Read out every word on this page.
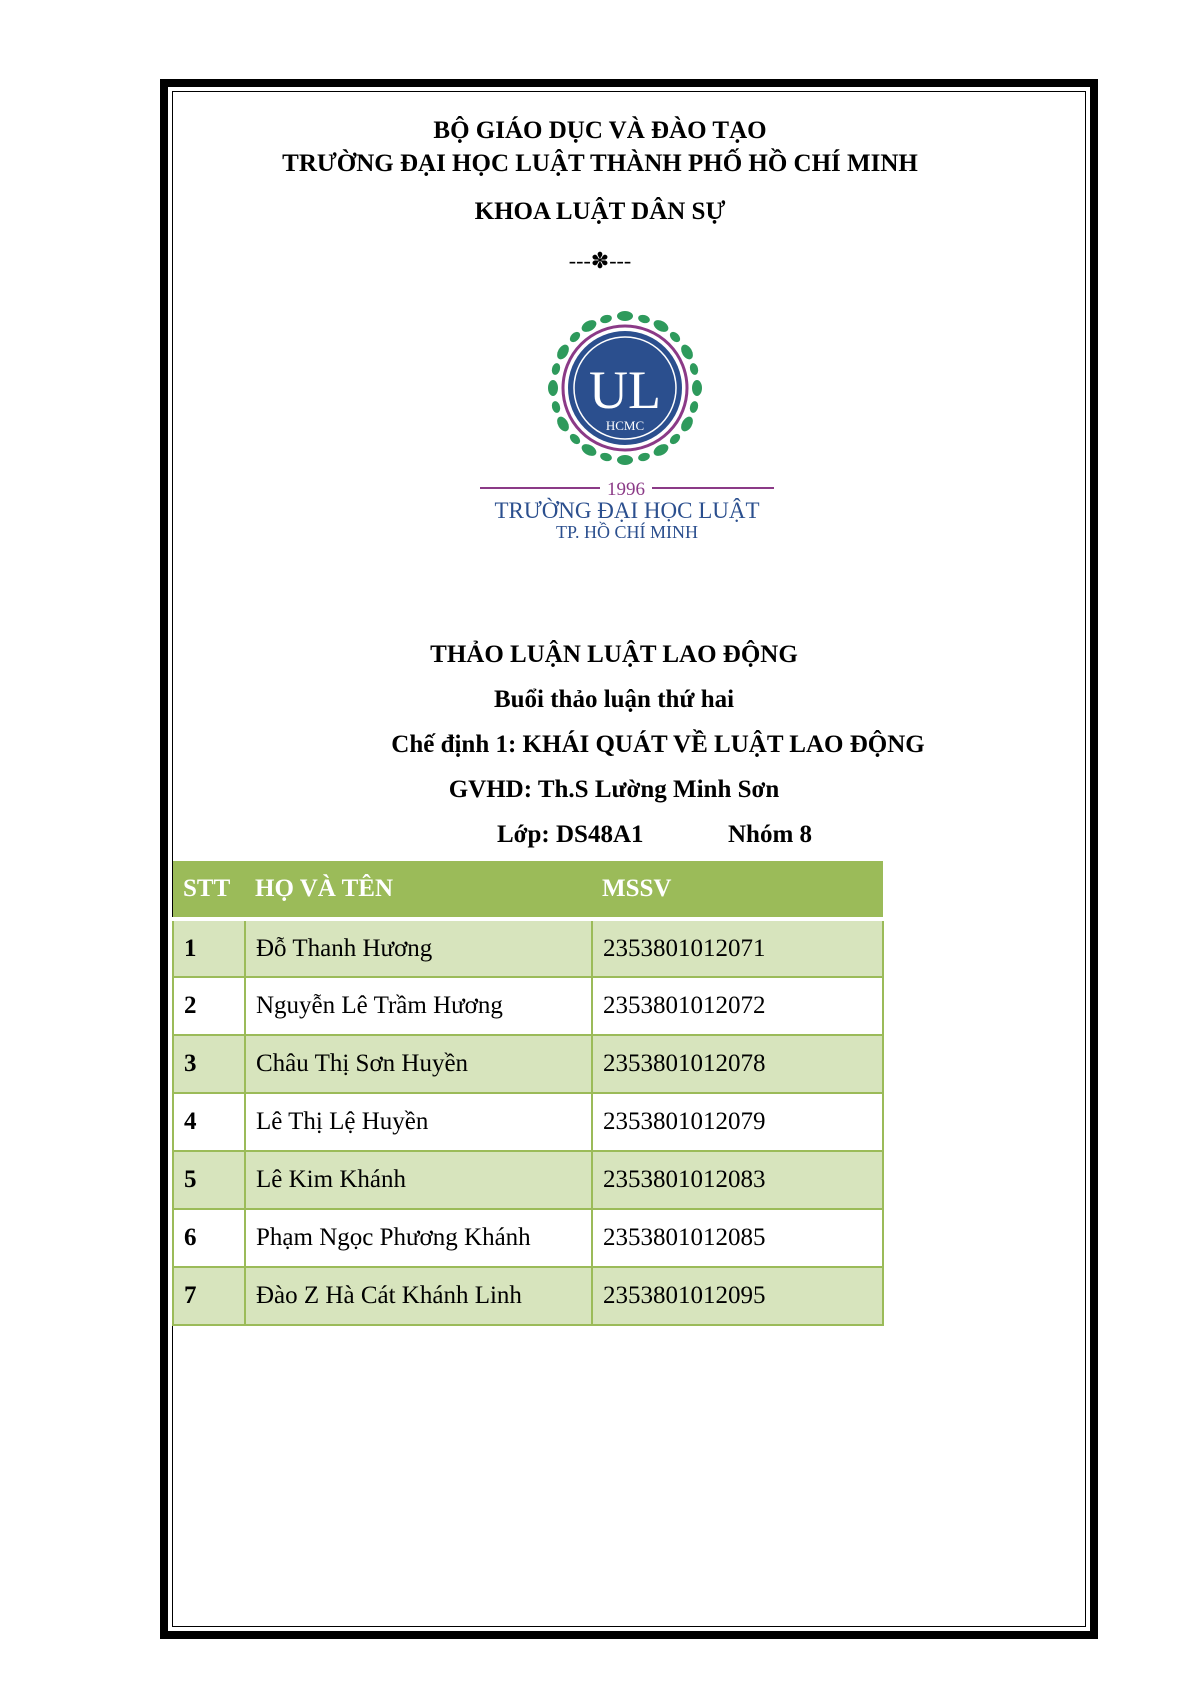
BỘ GIÁO DỤC VÀ ĐÀO TẠO
TRƯỜNG ĐẠI HỌC LUẬT THÀNH PHỐ HỒ CHÍ MINH
KHOA LUẬT DÂN SỰ
---✽---
UL
HCMC
1996
TRƯỜNG ĐẠI HỌC LUẬT
TP. HỒ CHÍ MINH
THẢO LUẬN LUẬT LAO ĐỘNG
Buổi thảo luận thứ hai
Chế định 1: KHÁI QUÁT VỀ LUẬT LAO ĐỘNG
GVHD: Th.S Lường Minh Sơn
Lớp: DS48A1	Nhóm 8
STT	HỌ VÀ TÊN	MSSV
1	Đỗ Thanh Hương	2353801012071
2	Nguyễn Lê Trầm Hương	2353801012072
3	Châu Thị Sơn Huyền	2353801012078
4	Lê Thị Lệ Huyền	2353801012079
5	Lê Kim Khánh	2353801012083
6	Phạm Ngọc Phương Khánh	2353801012085
7	Đào Z Hà Cát Khánh Linh	2353801012095
